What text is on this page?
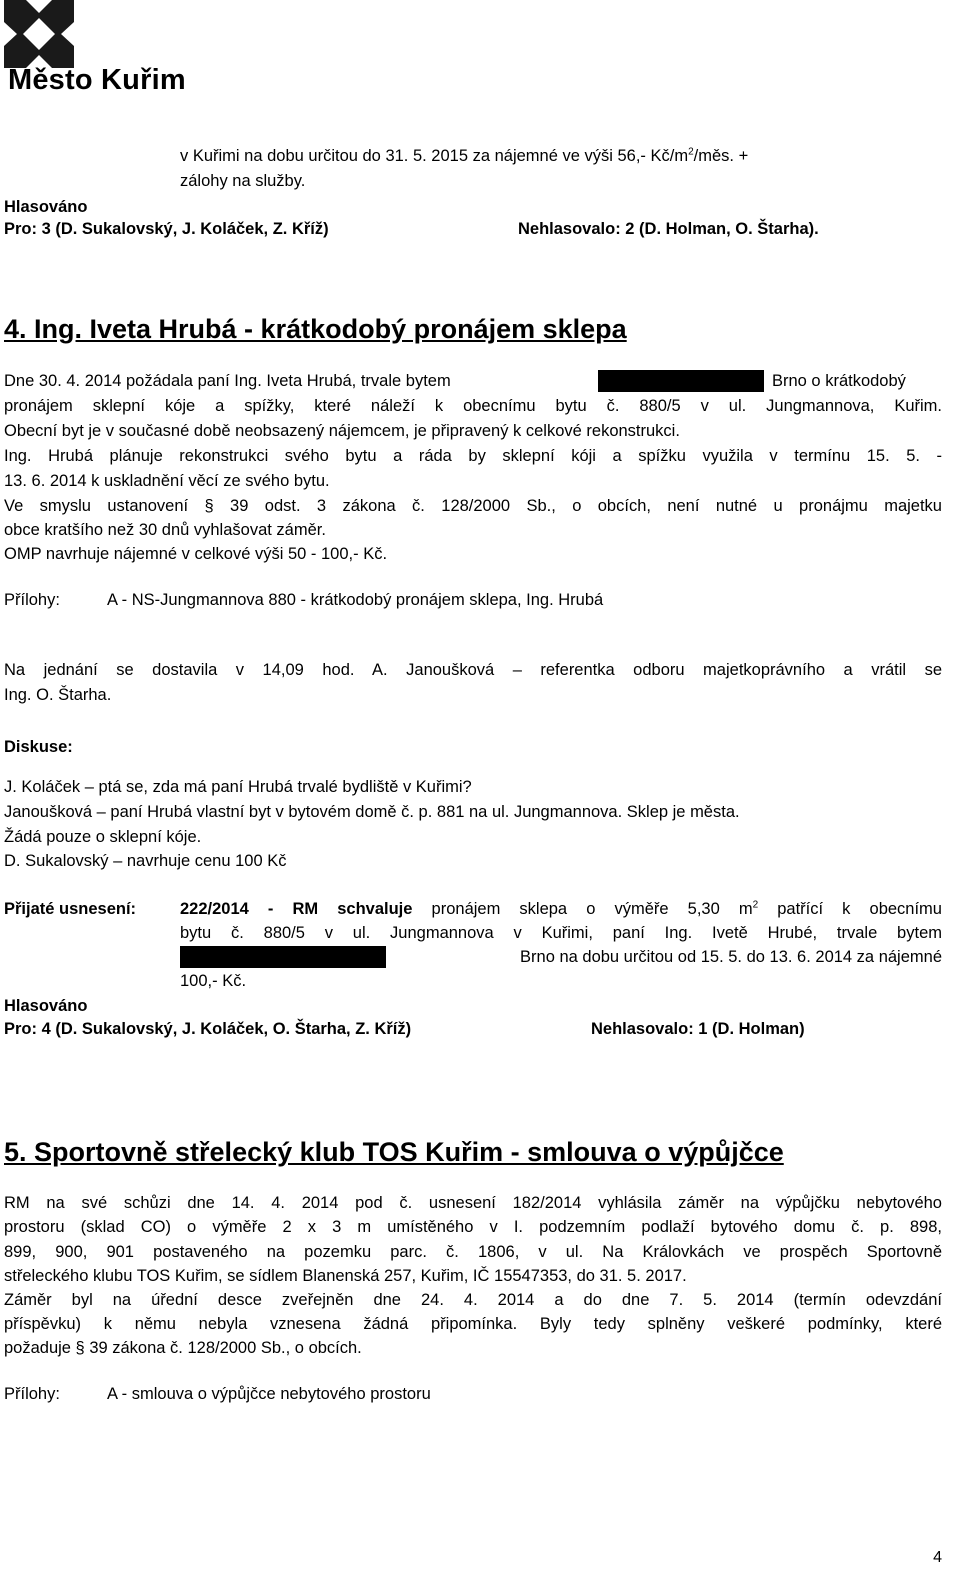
Město Kuřim
v Kuřimi na dobu určitou do 31. 5. 2015 za nájemné ve výši 56,- $Kč/m^2$/měs. +
zálohy na služby.
Hlasováno
Pro: 3 (D. Sukalovský, J. Koláček, Z. Kříž)	Nehlasovalo: 2 (D. Holman, O. Štarha).
4. Ing. Iveta Hrubá - krátkodobý pronájem sklepa
Dne 30. 4. 2014 požádala paní Ing. Iveta Hrubá, trvale bytem	Brno o krátkodobý
pronájem sklepní kóje a spížky, které náleží k obecnímu bytu č. 880/5 v ul. Jungmannova, Kuřim.
Obecní byt je v současné době neobsazený nájemcem, je připravený k celkové rekonstrukci.
Ing. Hrubá plánuje rekonstrukci svého bytu a ráda by sklepní kóji a spížku využila v termínu 15. 5. -
13. 6. 2014 k uskladnění věcí ze svého bytu.
Ve smyslu ustanovení § 39 odst. 3 zákona č. 128/2000 Sb., o obcích, není nutné u pronájmu majetku
obce kratšího než 30 dnů vyhlašovat záměr.
OMP navrhuje nájemné v celkové výši 50 - 100,- Kč.
Přílohy:	A - NS-Jungmannova 880 - krátkodobý pronájem sklepa, Ing. Hrubá
Na jednání se dostavila v 14,09 hod. A. Janoušková – referentka odboru majetkoprávního a vrátil se
Ing. O. Štarha.
Diskuse:
J. Koláček – ptá se, zda má paní Hrubá trvalé bydliště v Kuřimi?
Janoušková – paní Hrubá vlastní byt v bytovém domě č. p. 881 na ul. Jungmannova. Sklep je města.
Žádá pouze o sklepní kóje.
D. Sukalovský – navrhuje cenu 100 Kč
Přijaté usnesení:	222/2014 - RM schvaluje pronájem sklepa o výměře 5,30 $m^2$ patřící k obecnímu
bytu č. 880/5 v ul. Jungmannova v Kuřimi, paní Ing. Ivetě Hrubé, trvale bytem
Brno na dobu určitou od 15. 5. do 13. 6. 2014 za nájemné
100,- Kč.
Hlasováno
Pro: 4 (D. Sukalovský, J. Koláček, O. Štarha, Z. Kříž)	Nehlasovalo: 1 (D. Holman)
5. Sportovně střelecký klub TOS Kuřim - smlouva o výpůjčce
RM na své schůzi dne 14. 4. 2014 pod č. usnesení 182/2014 vyhlásila záměr na výpůjčku nebytového
prostoru (sklad CO) o výměře 2 x 3 m umístěného v I. podzemním podlaží bytového domu č. p. 898,
899, 900, 901 postaveného na pozemku parc. č. 1806, v ul. Na Královkách ve prospěch Sportovně
střeleckého klubu TOS Kuřim, se sídlem Blanenská 257, Kuřim, IČ 15547353, do 31. 5. 2017.
Záměr byl na úřední desce zveřejněn dne 24. 4. 2014 a do dne 7. 5. 2014 (termín odevzdání
příspěvku) k němu nebyla vznesena žádná připomínka. Byly tedy splněny veškeré podmínky, které
požaduje § 39 zákona č. 128/2000 Sb., o obcích.
Přílohy:	A - smlouva o výpůjčce nebytového prostoru
4
